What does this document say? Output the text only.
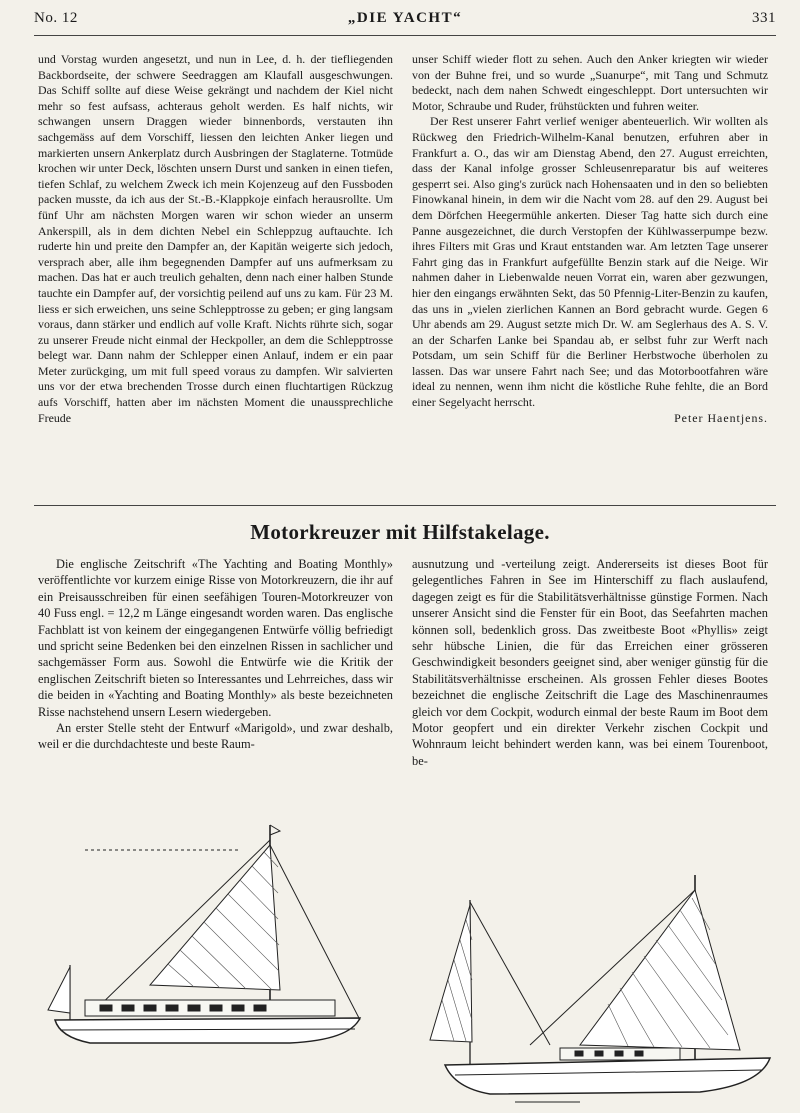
No. 12	„DIE YACHT“	331

und Vorstag wurden angesetzt, und nun in Lee, d. h. der tiefliegenden Backbordseite, der schwere Seedraggen am Klaufall ausgeschwungen. Das Schiff sollte auf diese Weise gekrängt und nachdem der Kiel nicht mehr so fest aufsass, achteraus geholt werden. Es half nichts, wir schwangen unsern Draggen wieder binnenbords, verstauten ihn sachgemäss auf dem Vorschiff, liessen den leichten Anker liegen und markierten unsern Ankerplatz durch Ausbringen der Staglaterne. Totmüde krochen wir unter Deck, löschten unsern Durst und sanken in einen tiefen, tiefen Schlaf, zu welchem Zweck ich mein Kojenzeug auf den Fussboden packen musste, da ich aus der St.-B.-Klappkoje einfach herausrollte. Um fünf Uhr am nächsten Morgen waren wir schon wieder an unserm Ankerspill, als in dem dichten Nebel ein Schleppzug auftauchte. Ich ruderte hin und preite den Dampfer an, der Kapitän weigerte sich jedoch, versprach aber, alle ihm begegnenden Dampfer auf uns aufmerksam zu machen. Das hat er auch treulich gehalten, denn nach einer halben Stunde tauchte ein Dampfer auf, der vorsichtig peilend auf uns zu kam. Für 23 M. liess er sich erweichen, uns seine Schlepptrosse zu geben; er ging langsam voraus, dann stärker und endlich auf volle Kraft. Nichts rührte sich, sogar zu unserer Freude nicht einmal der Heckpoller, an dem die Schlepptrosse belegt war. Dann nahm der Schlepper einen Anlauf, indem er ein paar Meter zurückging, um mit full speed voraus zu dampfen. Wir salvierten uns vor der etwa brechenden Trosse durch einen fluchtartigen Rückzug aufs Vorschiff, hatten aber im nächsten Moment die unaussprechliche Freude

unser Schiff wieder flott zu sehen. Auch den Anker kriegten wir wieder von der Buhne frei, und so wurde „Suanurpe“, mit Tang und Schmutz bedeckt, nach dem nahen Schwedt eingeschleppt. Dort untersuchten wir Motor, Schraube und Ruder, frühstückten und fuhren weiter.

Der Rest unserer Fahrt verlief weniger abenteuerlich. Wir wollten als Rückweg den Friedrich-Wilhelm-Kanal benutzen, erfuhren aber in Frankfurt a. O., das wir am Dienstag Abend, den 27. August erreichten, dass der Kanal infolge grosser Schleusenreparatur bis auf weiteres gesperrt sei. Also ging's zurück nach Hohensaaten und in den so beliebten Finowkanal hinein, in dem wir die Nacht vom 28. auf den 29. August bei dem Dörfchen Heegermühle ankerten. Dieser Tag hatte sich durch eine Panne ausgezeichnet, die durch Verstopfen der Kühlwasserpumpe bezw. ihres Filters mit Gras und Kraut entstanden war. Am letzten Tage unserer Fahrt ging das in Frankfurt aufgefüllte Benzin stark auf die Neige. Wir nahmen daher in Liebenwalde neuen Vorrat ein, waren aber gezwungen, hier den eingangs erwähnten Sekt, das 50 Pfennig-Liter-Benzin zu kaufen, das uns in „vielen zierlichen Kannen an Bord gebracht wurde. Gegen 6 Uhr abends am 29. August setzte mich Dr. W. am Seglerhaus des A. S. V. an der Scharfen Lanke bei Spandau ab, er selbst fuhr zur Werft nach Potsdam, um sein Schiff für die Berliner Herbstwoche überholen zu lassen. Das war unsere Fahrt nach See; und das Motorbootfahren wäre ideal zu nennen, wenn ihm nicht die köstliche Ruhe fehlte, die an Bord einer Segelyacht herrscht.

Peter Haentjens.
Motorkreuzer mit Hilfstakelage.

Die englische Zeitschrift «The Yachting and Boating Monthly» veröffentlichte vor kurzem einige Risse von Motorkreuzern, die ihr auf ein Preisausschreiben für einen seefähigen Touren-Motorkreuzer von 40 Fuss engl. = 12,2 m Länge eingesandt worden waren. Das englische Fachblatt ist von keinem der eingegangenen Entwürfe völlig befriedigt und spricht seine Bedenken bei den einzelnen Rissen in sachlicher und sachgemässer Form aus. Sowohl die Entwürfe wie die Kritik der englischen Zeitschrift bieten so Interessantes und Lehrreiches, dass wir die beiden in «Yachting and Boating Monthly» als beste bezeichneten Risse nachstehend unsern Lesern wiedergeben.

An erster Stelle steht der Entwurf «Marigold», und zwar deshalb, weil er die durchdachteste und beste Raum-

ausnutzung und -verteilung zeigt. Andererseits ist dieses Boot für gelegentliches Fahren in See im Hinterschiff zu flach auslaufend, dagegen zeigt es für die Stabilitätsverhältnisse günstige Formen. Nach unserer Ansicht sind die Fenster für ein Boot, das Seefahrten machen können soll, bedenklich gross. Das zweitbeste Boot «Phyllis» zeigt sehr hübsche Linien, die für das Erreichen einer grösseren Geschwindigkeit besonders geeignet sind, aber weniger günstig für die Stabilitätsverhältnisse erscheinen. Als grossen Fehler dieses Bootes bezeichnet die englische Zeitschrift die Lage des Maschinenraumes gleich vor dem Cockpit, wodurch einmal der beste Raum im Boot dem Motor geopfert und ein direkter Verkehr zischen Cockpit und Wohnraum leicht behindert werden kann, was bei einem Tourenboot, be-
